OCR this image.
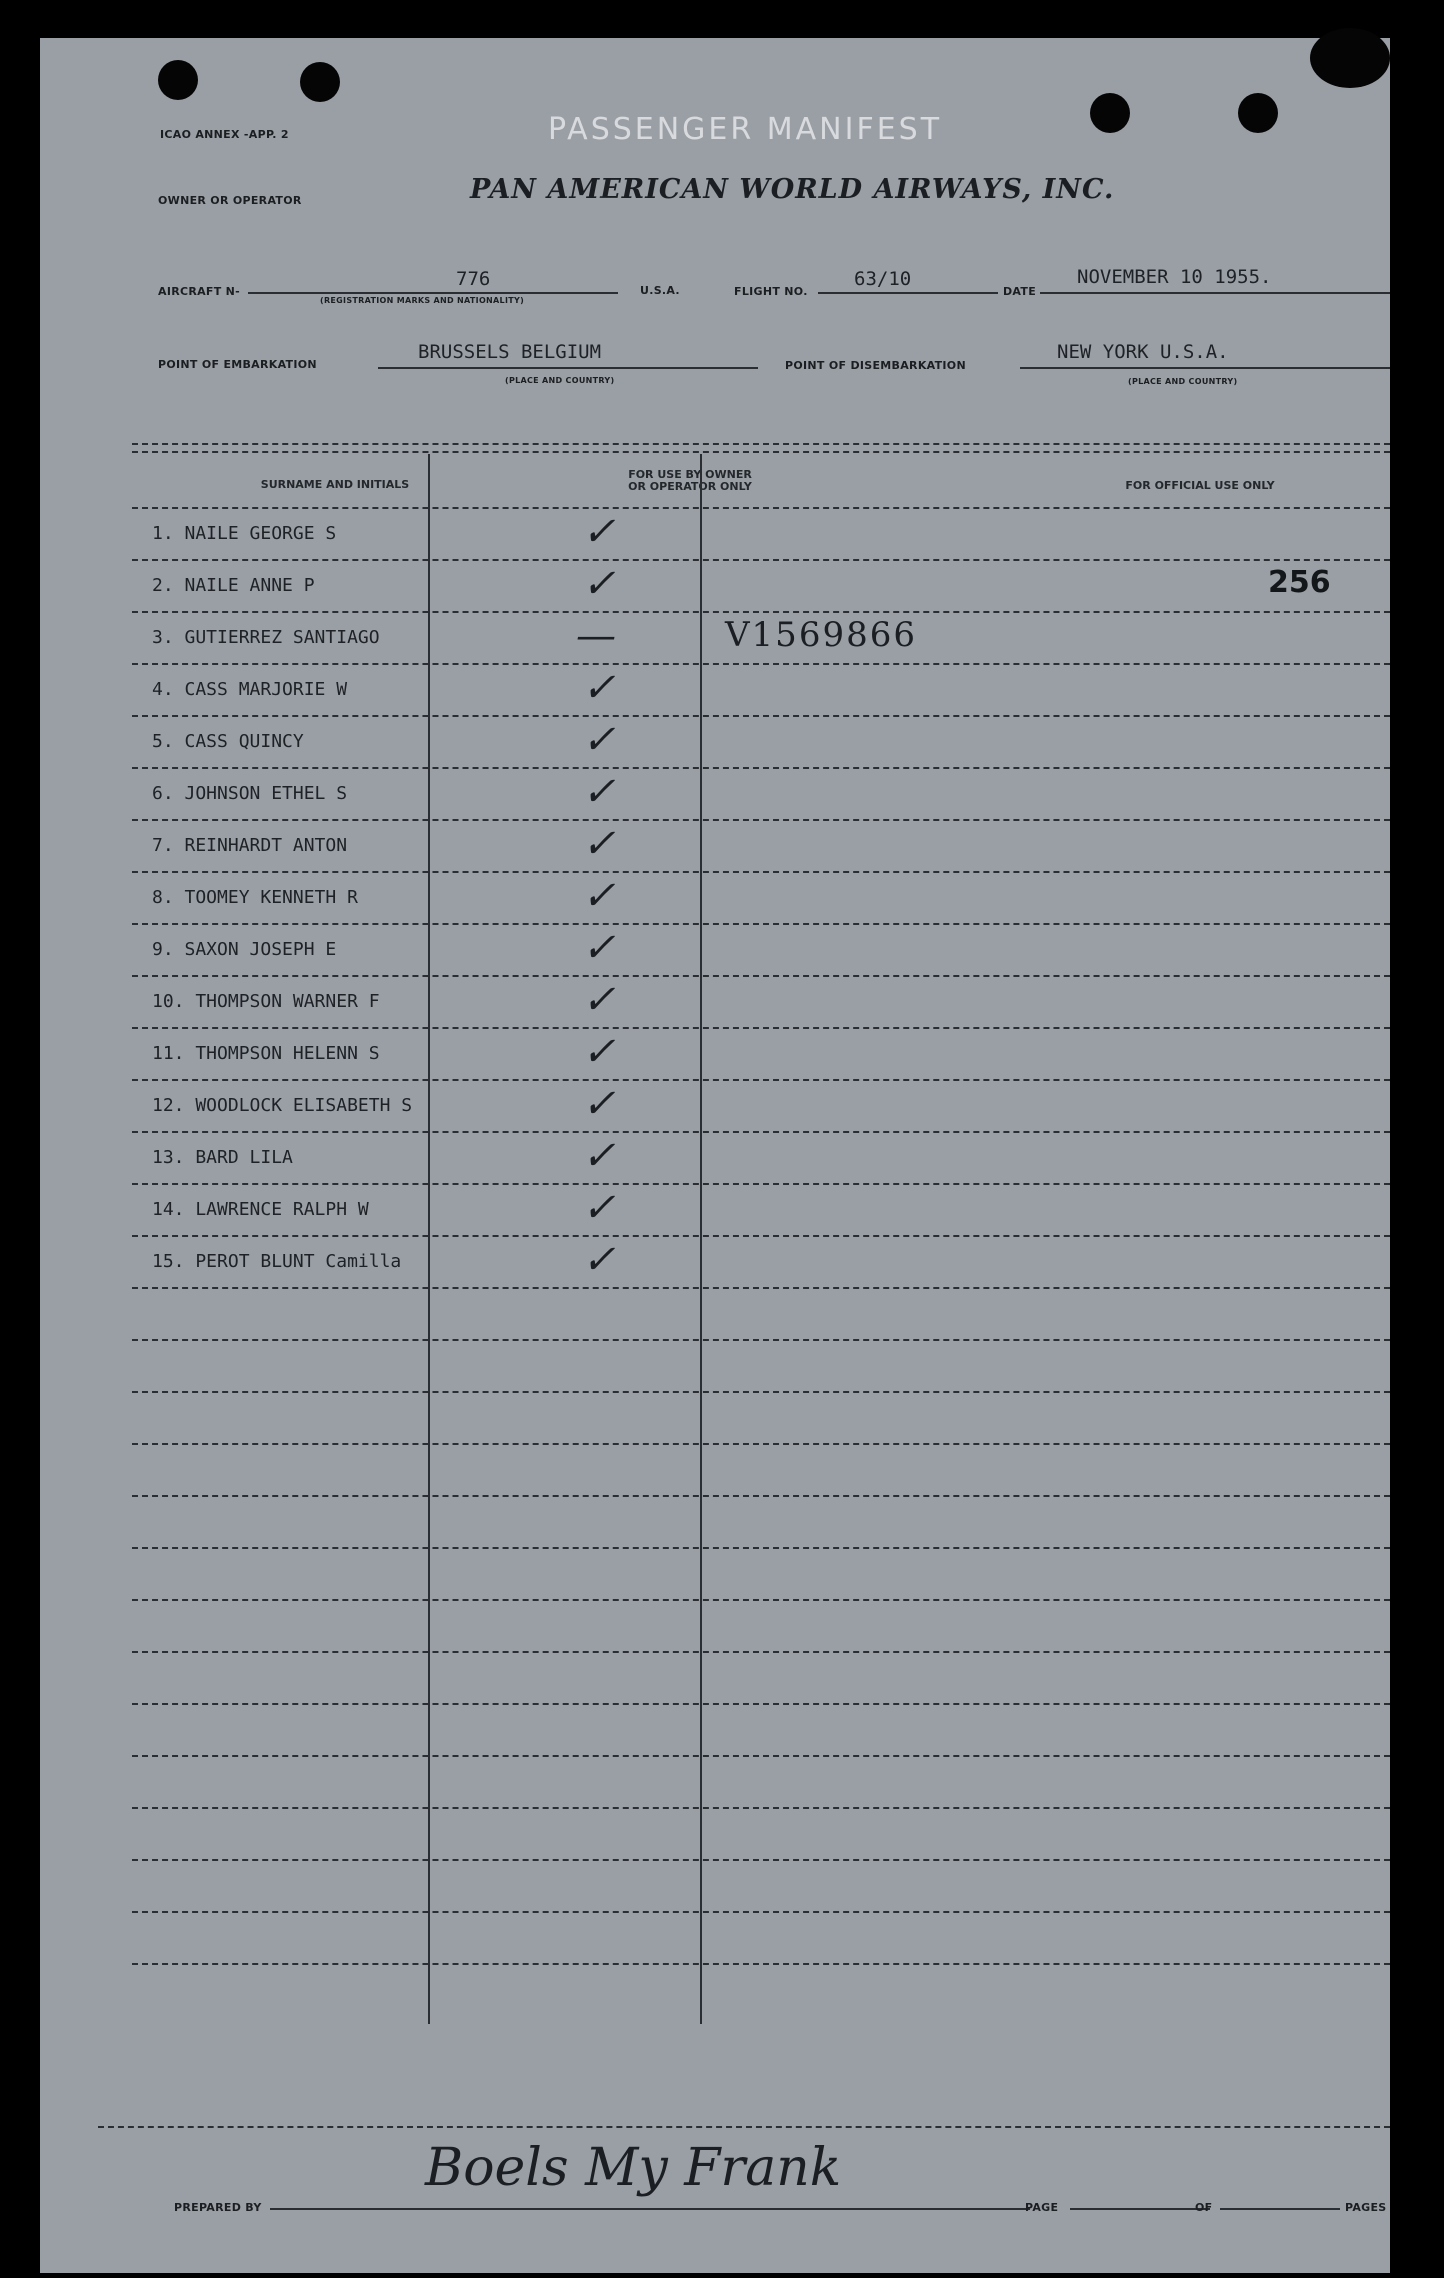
ICAO ANNEX -APP. 2	PASSENGER MANIFEST
OWNER OR OPERATOR	PAN AMERICAN WORLD AIRWAYS, INC.
AIRCRAFT N-
776
(REGISTRATION MARKS AND NATIONALITY)
U.S.A.	FLIGHT NO.
63/10
DATE
NOVEMBER 10 1955.
POINT OF EMBARKATION
BRUSSELS BELGIUM
(PLACE AND COUNTRY)
POINT OF DISEMBARKATION
NEW YORK U.S.A.
(PLACE AND COUNTRY)
SURNAME AND INITIALS
FOR USE BY OWNER
OR OPERATOR ONLY	FOR OFFICIAL USE ONLY
1. NAILE GEORGE S	✓
2. NAILE ANNE P	✓	256
3. GUTIERREZ SANTIAGO	—	V1569866
4. CASS MARJORIE W	✓
5. CASS QUINCY	✓
6. JOHNSON ETHEL S	✓
7. REINHARDT ANTON	✓
8. TOOMEY KENNETH R	✓
9. SAXON JOSEPH E	✓
10. THOMPSON WARNER F	✓
11. THOMPSON HELENN S	✓
12. WOODLOCK ELISABETH S	✓
13. BARD LILA	✓
14. LAWRENCE RALPH W	✓
15. PEROT BLUNT Camilla	✓
PREPARED BY
Boels My Frank
PAGE	OF	PAGES
